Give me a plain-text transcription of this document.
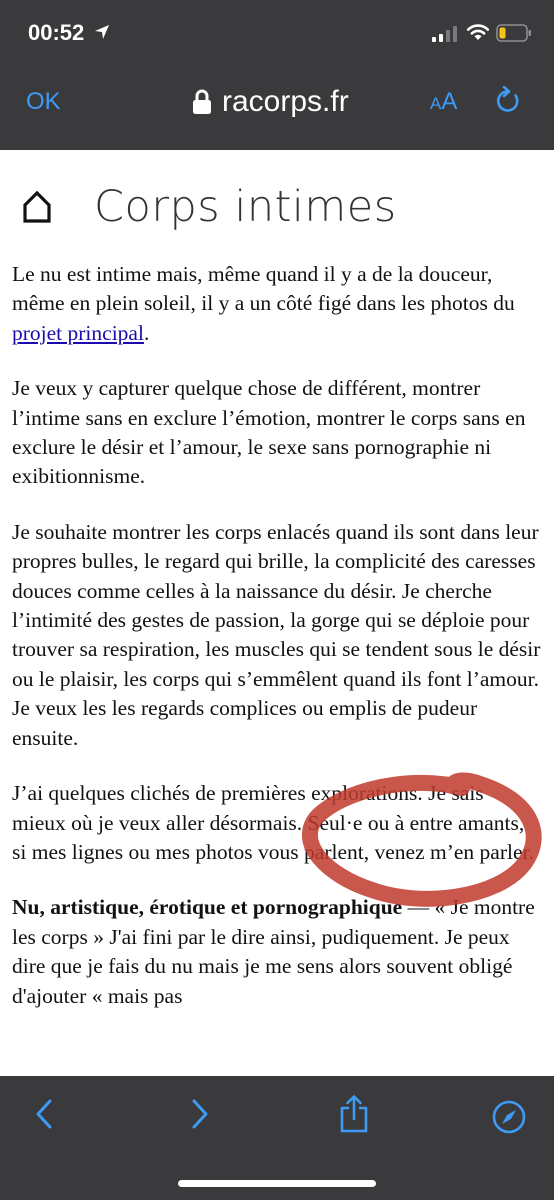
00:52
OK	racorps.fr	AA
Corps intimes

Le nu est intime mais, même quand il y a de la douceur, même en plein soleil, il y a un côté figé dans les photos du projet principal.

Je veux y capturer quelque chose de différent, montrer l’intime sans en exclure l’émotion, montrer le corps sans en exclure le désir et l’amour, le sexe sans pornographie ni exibitionnisme.

Je souhaite montrer les corps enlacés quand ils sont dans leur propres bulles, le regard qui brille, la complicité des caresses douces comme celles à la naissance du désir. Je cherche l’intimité des gestes de passion, la gorge qui se déploie pour trouver sa respiration, les muscles qui se tendent sous le désir ou le plaisir, les corps qui s’emmêlent quand ils font l’amour. Je veux les les regards complices ou emplis de pudeur ensuite.

J’ai quelques clichés de premières explorations. Je sais mieux où je veux aller désormais. Seul·e ou à entre amants, si mes lignes ou mes photos vous parlent, venez m’en parler.

Nu, artistique, érotique et pornographique — « Je montre les corps » J'ai fini par le dire ainsi, pudiquement. Je peux dire que je fais du nu mais je me sens alors souvent obligé d'ajouter « mais pas
